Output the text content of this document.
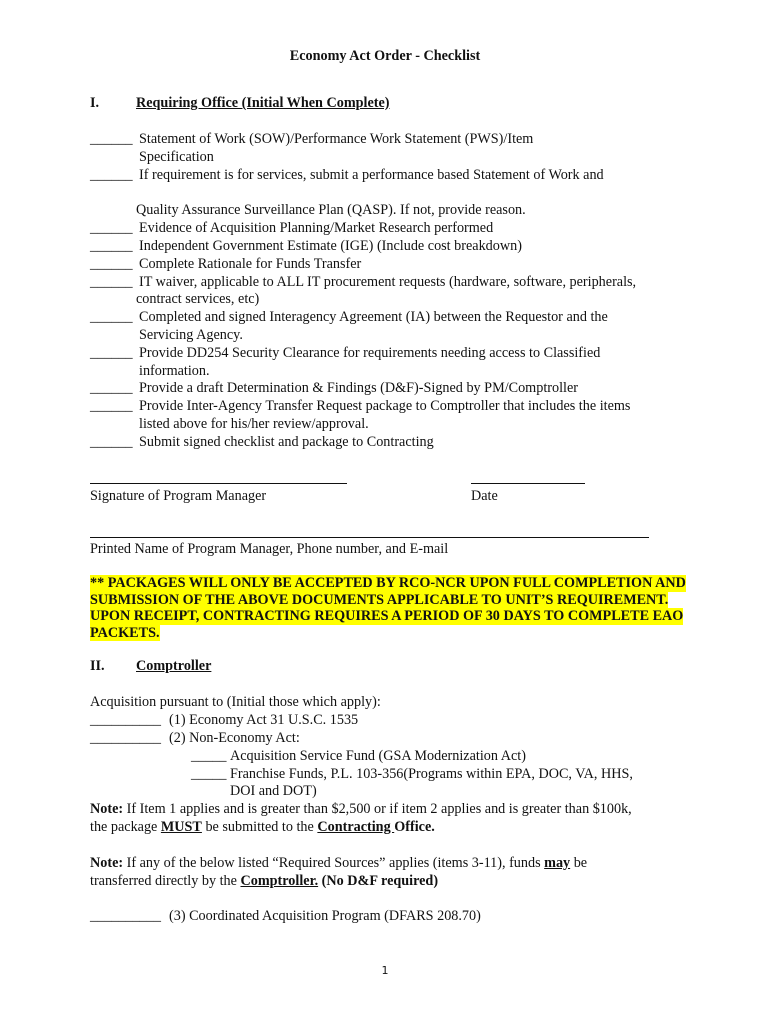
Economy Act Order - Checklist
I.	Requiring Office (Initial When Complete)
______ Statement of Work (SOW)/Performance Work Statement (PWS)/Item
Specification
______ If requirement is for services, submit a performance based Statement of Work and
Quality Assurance Surveillance Plan (QASP). If not, provide reason.
______ Evidence of Acquisition Planning/Market Research performed
______ Independent Government Estimate (IGE) (Include cost breakdown)
______ Complete Rationale for Funds Transfer
______ IT waiver, applicable to ALL IT procurement requests (hardware, software, peripherals,
contract services, etc)
______ Completed and signed Interagency Agreement (IA) between the Requestor and the
Servicing Agency.
______ Provide DD254 Security Clearance for requirements needing access to Classified
information.
______ Provide a draft Determination & Findings (D&F)-Signed by PM/Comptroller
______ Provide Inter-Agency Transfer Request package to Comptroller that includes the items
listed above for his/her review/approval.
______ Submit signed checklist and package to Contracting
Signature of Program Manager	Date
Printed Name of Program Manager, Phone number, and E-mail
** PACKAGES WILL ONLY BE ACCEPTED BY RCO-NCR UPON FULL COMPLETION AND
SUBMISSION OF THE ABOVE DOCUMENTS APPLICABLE TO UNIT’S REQUIREMENT.
UPON RECEIPT, CONTRACTING REQUIRES A PERIOD OF 30 DAYS TO COMPLETE EAO
PACKETS.
II. Comptroller
Acquisition pursuant to (Initial those which apply):
__________ (1) Economy Act 31 U.S.C. 1535
__________ (2) Non-Economy Act:
_____ Acquisition Service Fund (GSA Modernization Act)
_____ Franchise Funds, P.L. 103-356(Programs within EPA, DOC, VA, HHS,
DOI and DOT)
Note: If Item 1 applies and is greater than $2,500 or if item 2 applies and is greater than $100k,
the package MUST be submitted to the Contracting Office.
Note: If any of the below listed “Required Sources” applies (items 3-11), funds may be
transferred directly by the Comptroller. (No D&F required)
__________ (3) Coordinated Acquisition Program (DFARS 208.70)
1
